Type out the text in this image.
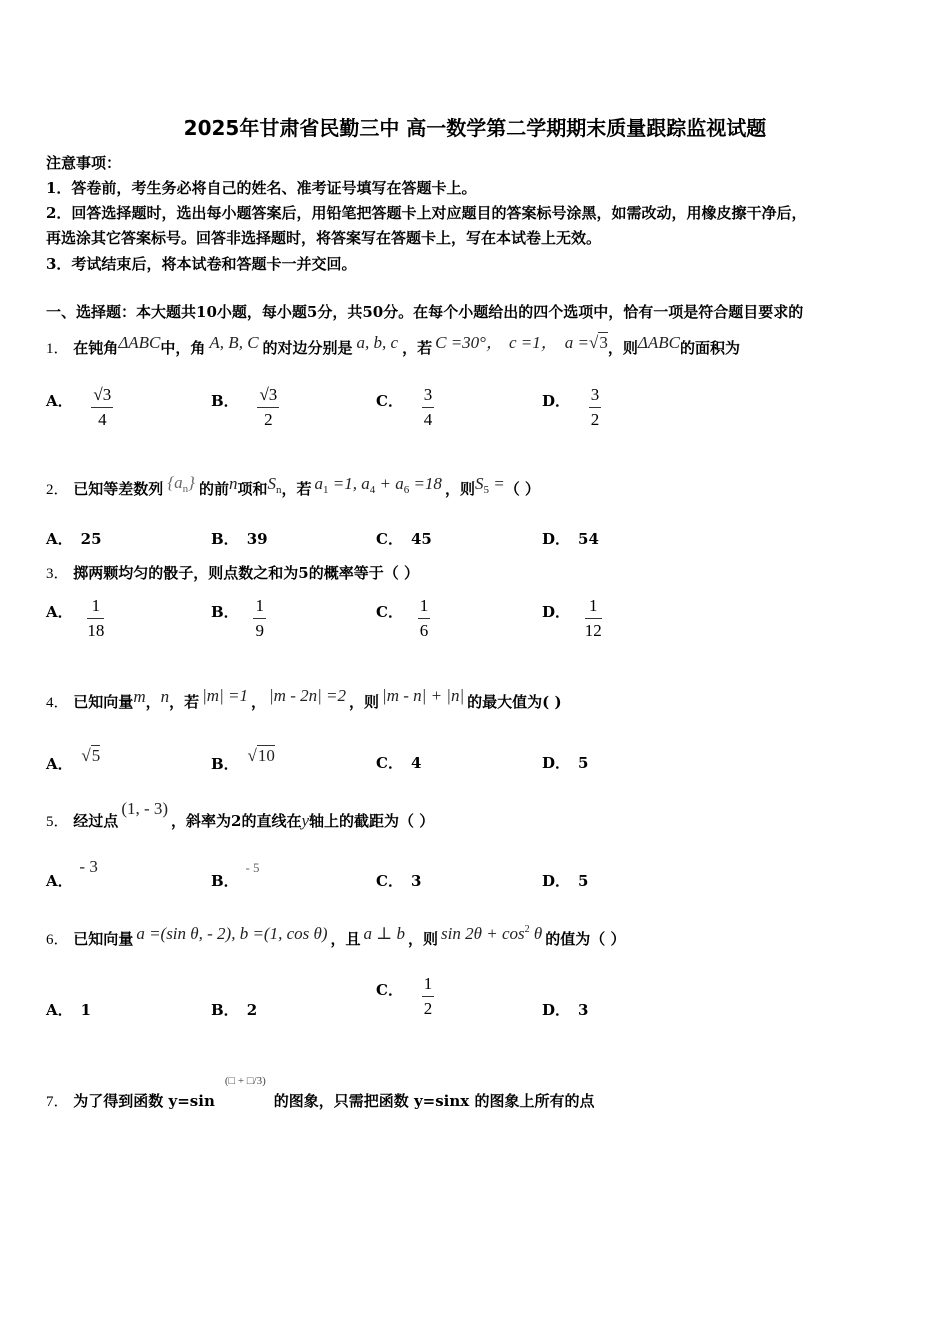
2025年甘肃省民勤三中 高一数学第二学期期末质量跟踪监视试题
注意事项：
1．答卷前，考生务必将自己的姓名、准考证号填写在答题卡上。
2．回答选择题时，选出每小题答案后，用铅笔把答题卡上对应题目的答案标号涂黑，如需改动，用橡皮擦干净后，
再选涂其它答案标号。回答非选择题时，将答案写在答题卡上，写在本试卷上无效。
3．考试结束后，将本试卷和答题卡一并交回。
一、选择题：本大题共10小题，每小题5分，共50分。在每个小题给出的四个选项中，恰有一项是符合题目要求的
1． 在钝角ΔABC中，角 A, B, C 的对边分别是 a, b, c ，若 C =30°， c =1， a =√3，则ΔABC的面积为
A． $\frac{√3}{4}$	B． $\frac{√3}{2}$	C． $\frac{3}{4}$	D． $\frac{3}{2}$
2． 已知等差数列 $\{a_n\}$ 的前n项和$S_n$，若 $a_1 =1$, $a_4 + a_6 =18$ ，则$S_5$ =（ ）
A． 25	B． 39	C． 45	D． 54
3． 掷两颗均匀的骰子，则点数之和为5的概率等于（ ）
A． $\frac{1}{18}$	B． $\frac{1}{9}$	C． $\frac{1}{6}$	D． $\frac{1}{12}$
4． 已知向量m，n，若 |m| =1 ， |m - 2n| =2 ，则 |m - n| + |n| 的最大值为( )
A． √5	B． √10	C． 4	D． 5
5． 经过点(1, - 3)，斜率为2的直线在y轴上的截距为（ ）
A． - 3
B． - 5
C． 3	D． 5
6． 已知向量 a =(sin θ, - 2), b =(1, cos θ) ，且 a ⊥ b ，则 $\sin 2\theta + \cos^2 \theta$ 的值为（ ）
A． 1	B． 2
C． $\frac{1}{2}$	D． 3
7． 为了得到函数 $y=\sin^{(□ + □/3)}$的图象，只需把函数 y=sinx 的图象上所有的点
